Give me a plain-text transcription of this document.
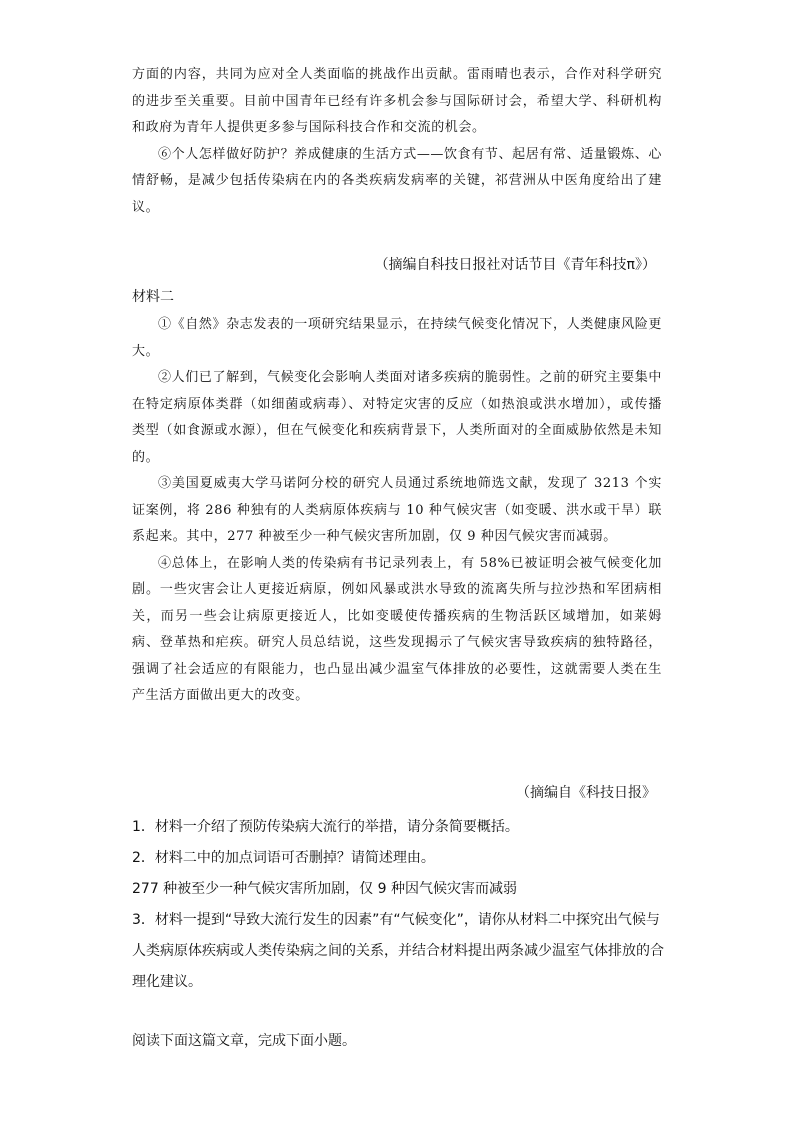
方面的内容，共同为应对全人类面临的挑战作出贡献。雷雨晴也表示，合作对科学研究的进步至关重要。目前中国青年已经有许多机会参与国际研讨会，希望大学、科研机构和政府为青年人提供更多参与国际科技合作和交流的机会。

⑥个人怎样做好防护？养成健康的生活方式——饮食有节、起居有常、适量锻炼、心情舒畅，是减少包括传染病在内的各类疾病发病率的关键，祁营洲从中医角度给出了建议。

（摘编自科技日报社对话节目《青年科技π》）
材料二

①《自然》杂志发表的一项研究结果显示，在持续气候变化情况下，人类健康风险更大。

②人们已了解到，气候变化会影响人类面对诸多疾病的脆弱性。之前的研究主要集中在特定病原体类群（如细菌或病毒）、对特定灾害的反应（如热浪或洪水增加），或传播类型（如食源或水源），但在气候变化和疾病背景下，人类所面对的全面威胁依然是未知的。

③美国夏威夷大学马诺阿分校的研究人员通过系统地筛选文献，发现了 3213 个实证案例，将 286 种独有的人类病原体疾病与 10 种气候灾害（如变暖、洪水或干旱）联系起来。其中，277 种被至少一种气候灾害所加剧，仅 9 种因气候灾害而减弱。

④总体上，在影响人类的传染病有书记录列表上，有 58%已被证明会被气候变化加剧。一些灾害会让人更接近病原，例如风暴或洪水导致的流离失所与拉沙热和军团病相关，而另一些会让病原更接近人，比如变暖使传播疾病的生物活跃区域增加，如莱姆病、登革热和疟疾。研究人员总结说，这些发现揭示了气候灾害导致疾病的独特路径，强调了社会适应的有限能力，也凸显出减少温室气体排放的必要性，这就需要人类在生产生活方面做出更大的改变。

（摘编自《科技日报》

1．材料一介绍了预防传染病大流行的举措，请分条简要概括。

2．材料二中的加点词语可否删掉？请简述理由。

277 种被至少一种气候灾害所加剧，仅 9 种因气候灾害而减弱

3．材料一提到“导致大流行发生的因素”有“气候变化”，请你从材料二中探究出气候与人类病原体疾病或人类传染病之间的关系，并结合材料提出两条减少温室气体排放的合理化建议。

阅读下面这篇文章，完成下面小题。
